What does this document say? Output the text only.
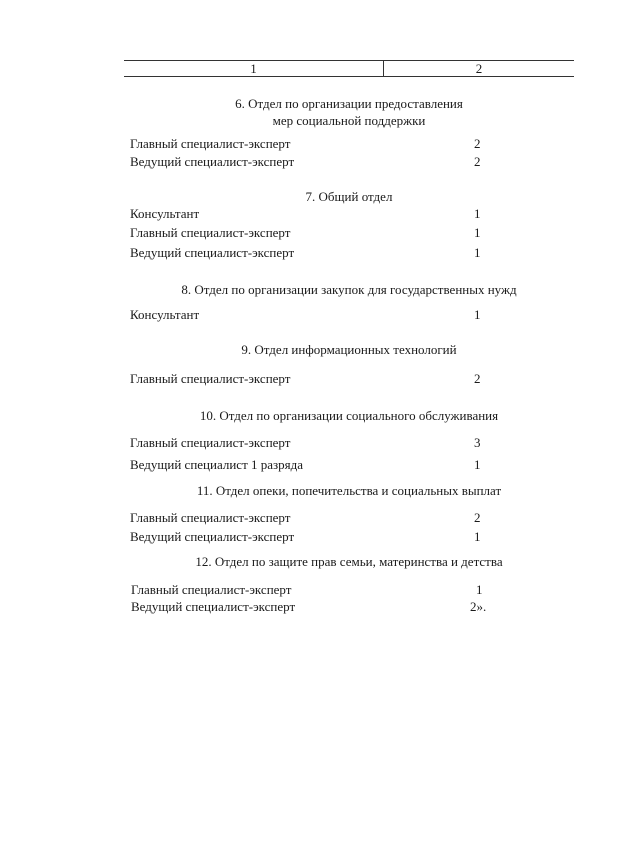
1	2
6. Отдел по организации предоставления
мер социальной поддержки
Главный специалист-эксперт	2
Ведущий специалист-эксперт	2
7. Общий отдел
Консультант	1
Главный специалист-эксперт	1
Ведущий специалист-эксперт	1
8. Отдел по организации закупок для государственных нужд
Консультант	1
9. Отдел информационных технологий
Главный специалист-эксперт	2
10. Отдел по организации социального обслуживания
Главный специалист-эксперт	3
Ведущий специалист 1 разряда	1
11. Отдел опеки, попечительства и социальных выплат
Главный специалист-эксперт	2
Ведущий специалист-эксперт	1
12. Отдел по защите прав семьи, материнства и детства
Главный специалист-эксперт	1
Ведущий специалист-эксперт	2».
